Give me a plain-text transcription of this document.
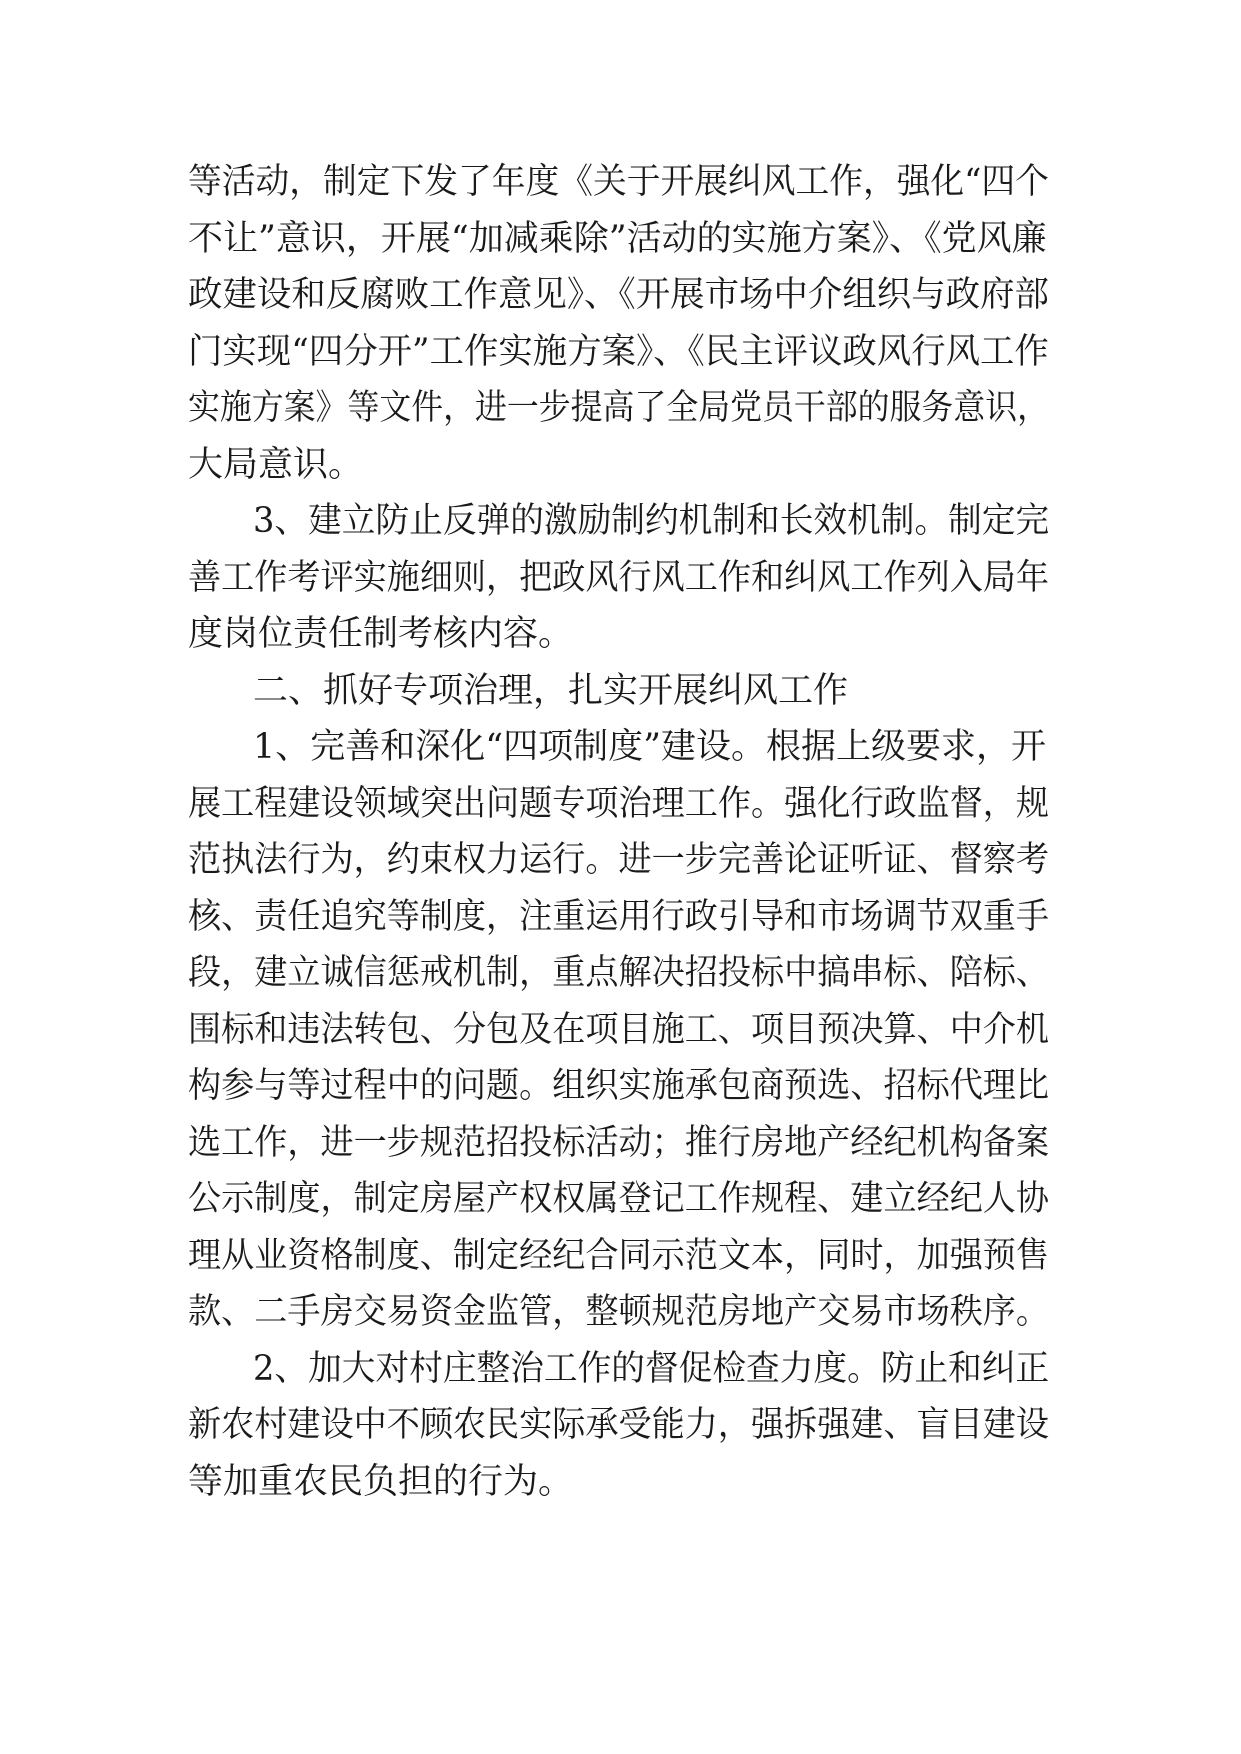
等活动，制定下发了年度《关于开展纠风工作，强化“四个
不让”意识，开展“加减乘除”活动的实施方案》、《党风廉
政建设和反腐败工作意见》、《开展市场中介组织与政府部
门实现“四分开”工作实施方案》、《民主评议政风行风工作
实施方案》等文件，进一步提高了全局党员干部的服务意识，
大局意识。
3、建立防止反弹的激励制约机制和长效机制。制定完
善工作考评实施细则，把政风行风工作和纠风工作列入局年
度岗位责任制考核内容。
二、抓好专项治理，扎实开展纠风工作
1、完善和深化“四项制度”建设。根据上级要求，开
展工程建设领域突出问题专项治理工作。强化行政监督，规
范执法行为，约束权力运行。进一步完善论证听证、督察考
核、责任追究等制度，注重运用行政引导和市场调节双重手
段，建立诚信惩戒机制，重点解决招投标中搞串标、陪标、
围标和违法转包、分包及在项目施工、项目预决算、中介机
构参与等过程中的问题。组织实施承包商预选、招标代理比
选工作，进一步规范招投标活动；推行房地产经纪机构备案
公示制度，制定房屋产权权属登记工作规程、建立经纪人协
理从业资格制度、制定经纪合同示范文本，同时，加强预售
款、二手房交易资金监管，整顿规范房地产交易市场秩序。
2、加大对村庄整治工作的督促检查力度。防止和纠正
新农村建设中不顾农民实际承受能力，强拆强建、盲目建设
等加重农民负担的行为。
